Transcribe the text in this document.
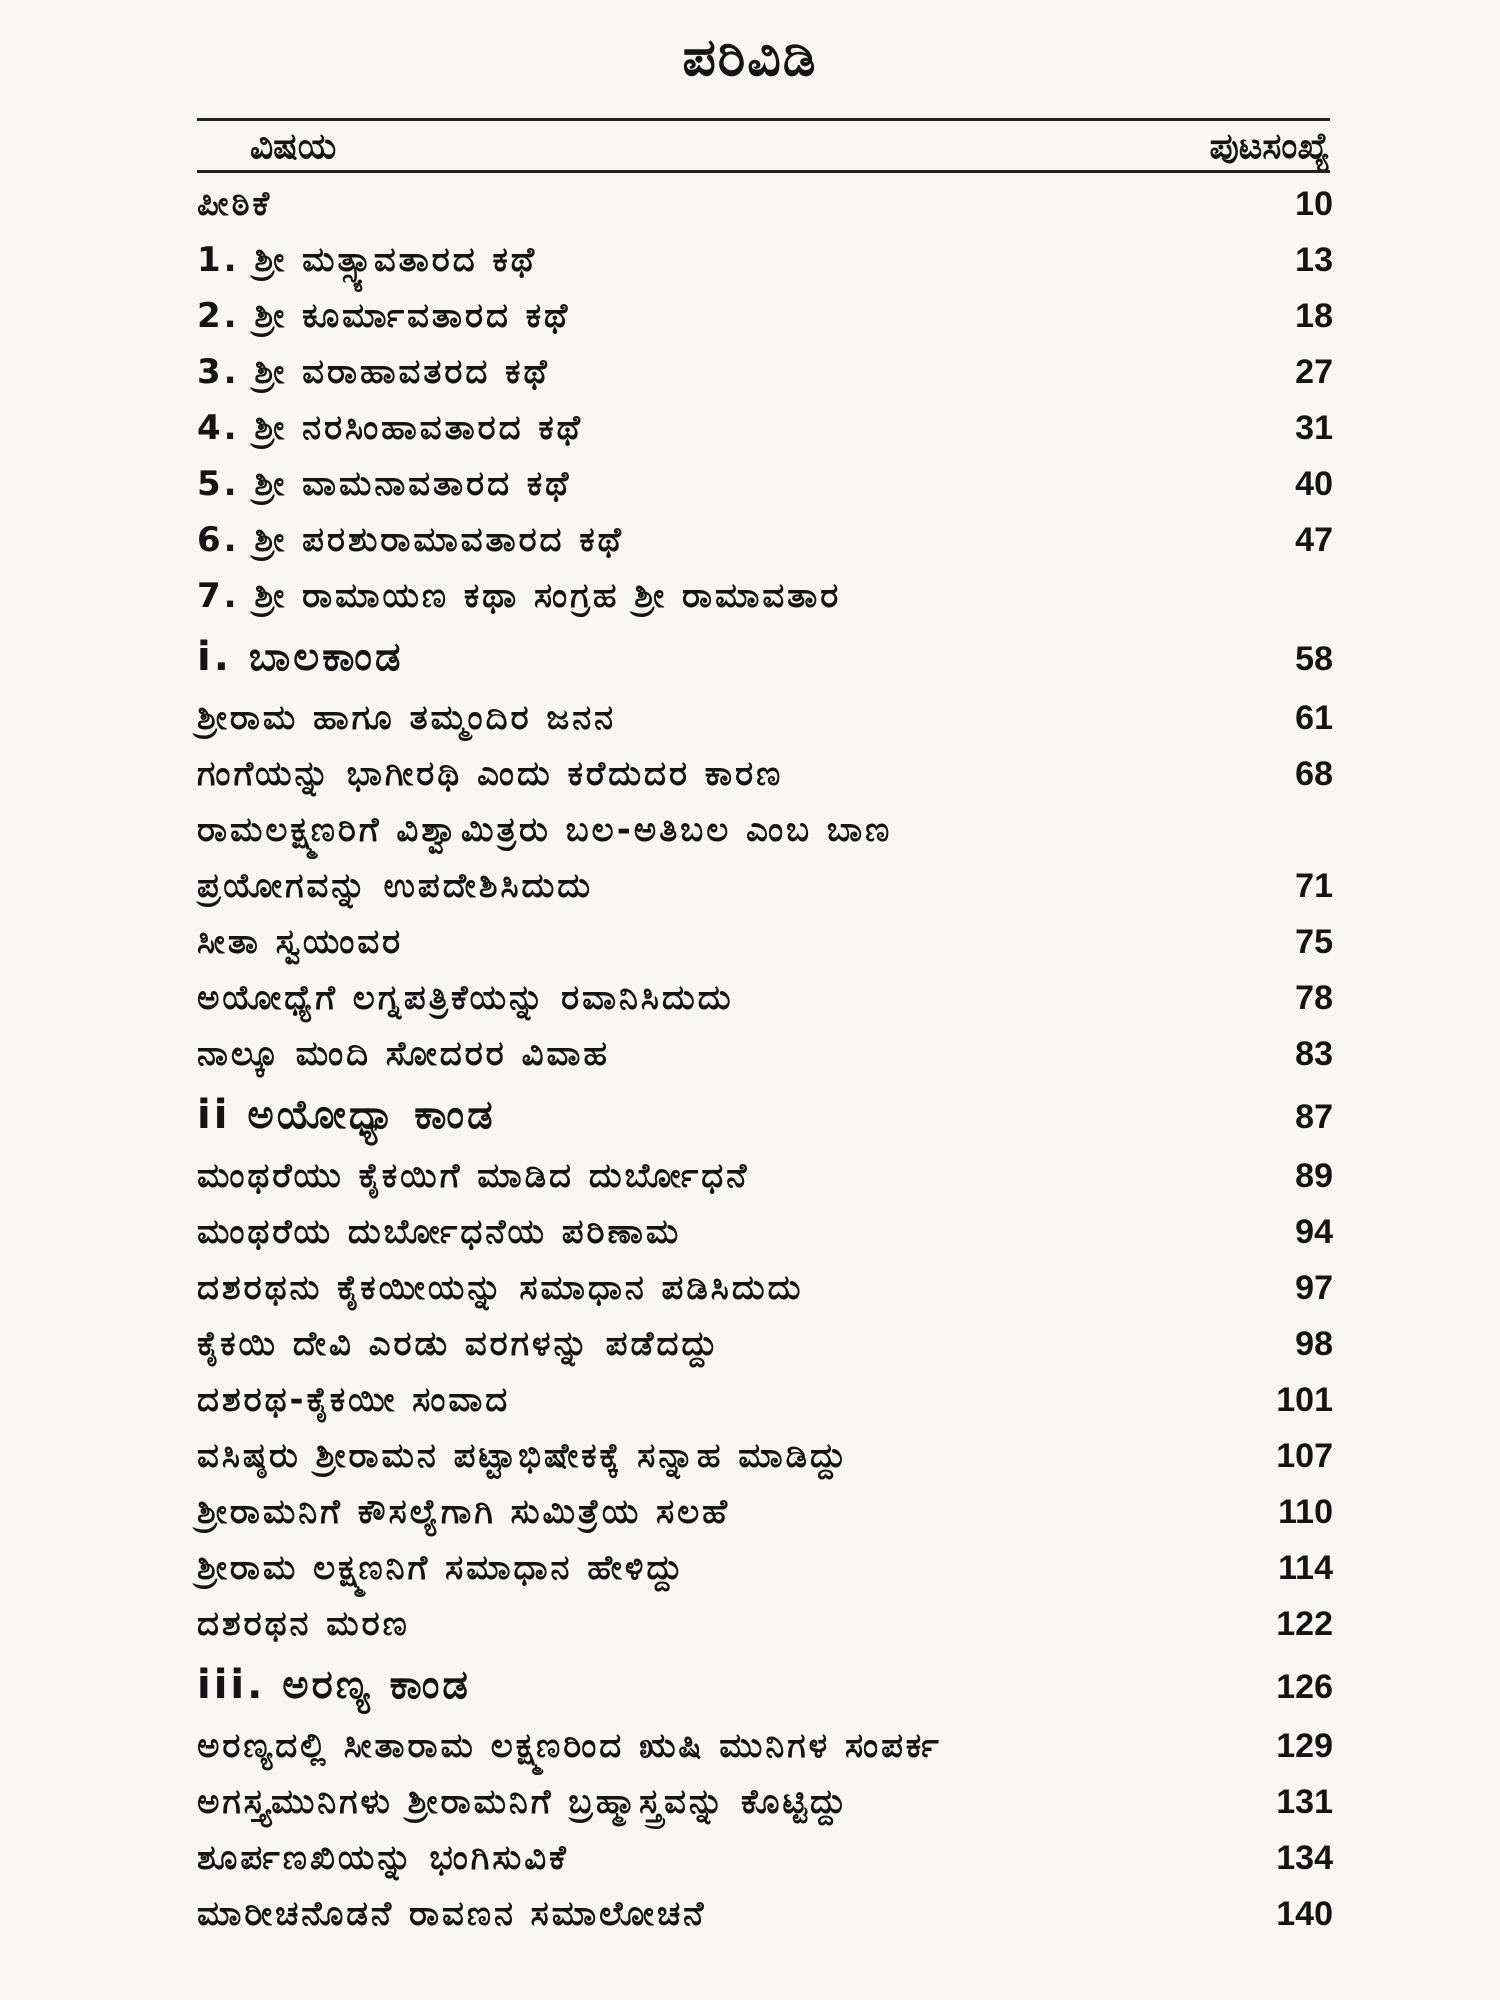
ಪರಿವಿಡಿ
ವಿಷಯ	ಪುಟಸಂಖ್ಯೆ
ಪೀಠಿಕೆ	10
1. ಶ್ರೀ ಮತ್ಸ್ಯಾವತಾರದ ಕಥೆ	13
2. ಶ್ರೀ ಕೂರ್ಮಾವತಾರದ ಕಥೆ	18
3. ಶ್ರೀ ವರಾಹಾವತರದ ಕಥೆ	27
4. ಶ್ರೀ ನರಸಿಂಹಾವತಾರದ ಕಥೆ	31
5. ಶ್ರೀ ವಾಮನಾವತಾರದ ಕಥೆ	40
6. ಶ್ರೀ ಪರಶುರಾಮಾವತಾರದ ಕಥೆ	47
7. ಶ್ರೀ ರಾಮಾಯಣ ಕಥಾ ಸಂಗ್ರಹ ಶ್ರೀ ರಾಮಾವತಾರ
i. ಬಾಲಕಾಂಡ	58
ಶ್ರೀರಾಮ ಹಾಗೂ ತಮ್ಮಂದಿರ ಜನನ	61
ಗಂಗೆಯನ್ನು ಭಾಗೀರಥಿ ಎಂದು ಕರೆದುದರ ಕಾರಣ	68
ರಾಮಲಕ್ಷ್ಮಣರಿಗೆ ವಿಶ್ವಾಮಿತ್ರರು ಬಲ-ಅತಿಬಲ ಎಂಬ ಬಾಣ
ಪ್ರಯೋಗವನ್ನು ಉಪದೇಶಿಸಿದುದು	71
ಸೀತಾ ಸ್ವಯಂವರ	75
ಅಯೋಧ್ಯೆಗೆ ಲಗ್ನಪತ್ರಿಕೆಯನ್ನು ರವಾನಿಸಿದುದು	78
ನಾಲ್ಕೂ ಮಂದಿ ಸೋದರರ ವಿವಾಹ	83
ii ಅಯೋಧ್ಯಾ ಕಾಂಡ	87
ಮಂಥರೆಯು ಕೈಕಯಿಗೆ ಮಾಡಿದ ದುರ್ಬೋಧನೆ	89
ಮಂಥರೆಯ ದುರ್ಬೋಧನೆಯ ಪರಿಣಾಮ	94
ದಶರಥನು ಕೈಕಯೀಯನ್ನು ಸಮಾಧಾನ ಪಡಿಸಿದುದು	97
ಕೈಕಯಿ ದೇವಿ ಎರಡು ವರಗಳನ್ನು ಪಡೆದದ್ದು	98
ದಶರಥ-ಕೈಕಯೀ ಸಂವಾದ	101
ವಸಿಷ್ಠರು ಶ್ರೀರಾಮನ ಪಟ್ಟಾಭಿಷೇಕಕ್ಕೆ ಸನ್ನಾಹ ಮಾಡಿದ್ದು	107
ಶ್ರೀರಾಮನಿಗೆ ಕೌಸಲ್ಯೆಗಾಗಿ ಸುಮಿತ್ರೆಯ ಸಲಹೆ	110
ಶ್ರೀರಾಮ ಲಕ್ಷ್ಮಣನಿಗೆ ಸಮಾಧಾನ ಹೇಳಿದ್ದು	114
ದಶರಥನ ಮರಣ	122
iii. ಅರಣ್ಯ ಕಾಂಡ	126
ಅರಣ್ಯದಲ್ಲಿ ಸೀತಾರಾಮ ಲಕ್ಷ್ಮಣರಿಂದ ಋಷಿ ಮುನಿಗಳ ಸಂಪರ್ಕ	129
ಅಗಸ್ತ್ಯಮುನಿಗಳು ಶ್ರೀರಾಮನಿಗೆ ಬ್ರಹ್ಮಾಸ್ತ್ರವನ್ನು ಕೊಟ್ಟಿದ್ದು	131
ಶೂರ್ಪಣಖಿಯನ್ನು ಭಂಗಿಸುವಿಕೆ	134
ಮಾರೀಚನೊಡನೆ ರಾವಣನ ಸಮಾಲೋಚನೆ	140
